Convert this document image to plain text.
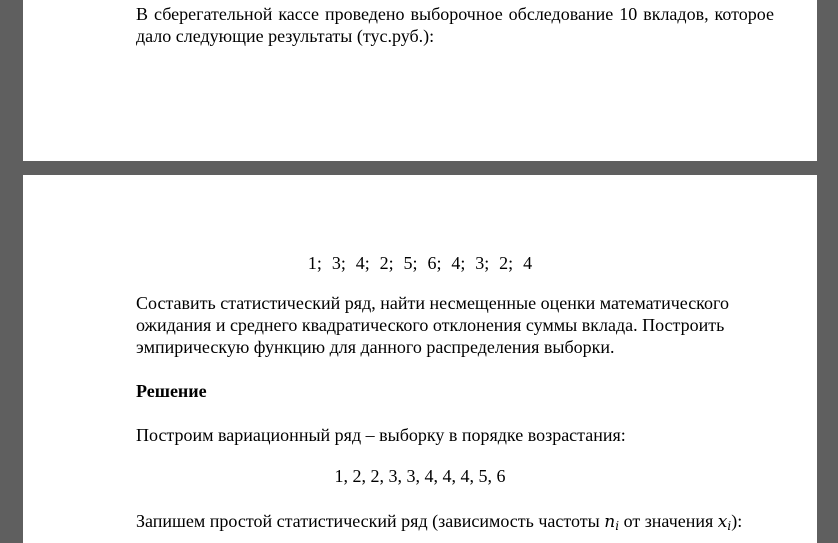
В сберегательной кассе проведено выборочное обследование 10 вкладов, которое дало следующие результаты (тус.руб.):

1; 3; 4; 2; 5; 6; 4; 3; 2; 4

Составить статистический ряд, найти несмещенные оценки математического ожидания и среднего квадратического отклонения суммы вклада. Построить эмпирическую функцию для данного распределения выборки.

Решение

Построим вариационный ряд – выборку в порядке возрастания:

1, 2, 2, 3, 3, 4, 4, 4, 5, 6

Запишем простой статистический ряд (зависимость частоты $n_i$ от значения $x_i$):
